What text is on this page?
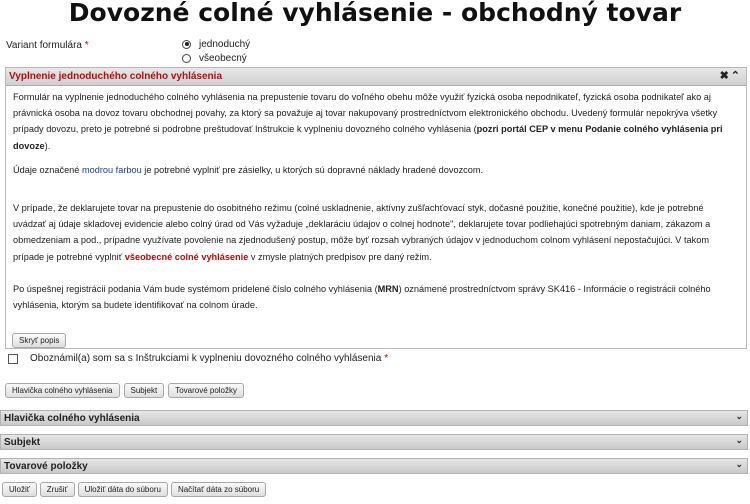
Dovozné colné vyhlásenie - obchodný tovar
Variant formulára *	jednoduchý
všeobecný
Vyplnenie jednoduchého colného vyhlásenia	✖ ⌃

Formulár na vyplnenie jednoduchého colného vyhlásenia na prepustenie tovaru do voľného obehu môže využiť fyzická osoba nepodnikateľ, fyzická osoba podnikateľ ako aj právnická osoba na dovoz tovaru obchodnej povahy, za ktorý sa považuje aj tovar nakupovaný prostredníctvom elektronického obchodu. Uvedený formulár nepokrýva všetky prípady dovozu, preto je potrebné si podrobne preštudovať Inštrukcie k vyplneniu dovozného colného vyhlásenia (pozri portál CEP v menu Podanie colného vyhlásenia pri dovoze).

Údaje označené modrou farbou je potrebné vyplniť pre zásielky, u ktorých sú dopravné náklady hradené dovozcom.

V prípade, že deklarujete tovar na prepustenie do osobitného režimu (colné uskladnenie, aktívny zušľachťovací styk, dočasné použitie, konečné použitie), kde je potrebné uvádzať aj údaje skladovej evidencie alebo colný úrad od Vás vyžaduje „deklaráciu údajov o colnej hodnote", deklarujete tovar podliehajúci spotrebným daniam, zákazom a obmedzeniam a pod., prípadne využívate povolenie na zjednodušený postup, môže byť rozsah vybraných údajov v jednoduchom colnom vyhlásení nepostačujúci. V takom prípade je potrebné vyplniť všeobecné colné vyhlásenie v zmysle platných predpisov pre daný režim.

Po úspešnej registrácii podania Vám bude systémom pridelené číslo colného vyhlásenia (MRN) oznámené prostredníctvom správy SK416 - Informácie o registrácii colného vyhlásenia, ktorým sa budete identifikovať na colnom úrade.

Skryť popis
Oboznámil(a) som sa s Inštrukciami k vyplneniu dovozného colného vyhlásenia *
Hlavička colného vyhlásenia	Subjekt	Tovarové položky
Hlavička colného vyhlásenia	⌄
Subjekt	⌄
Tovarové položky	⌄
Uložiť	Zrušiť	Uložiť dáta do súboru	Načítať dáta zo súboru
